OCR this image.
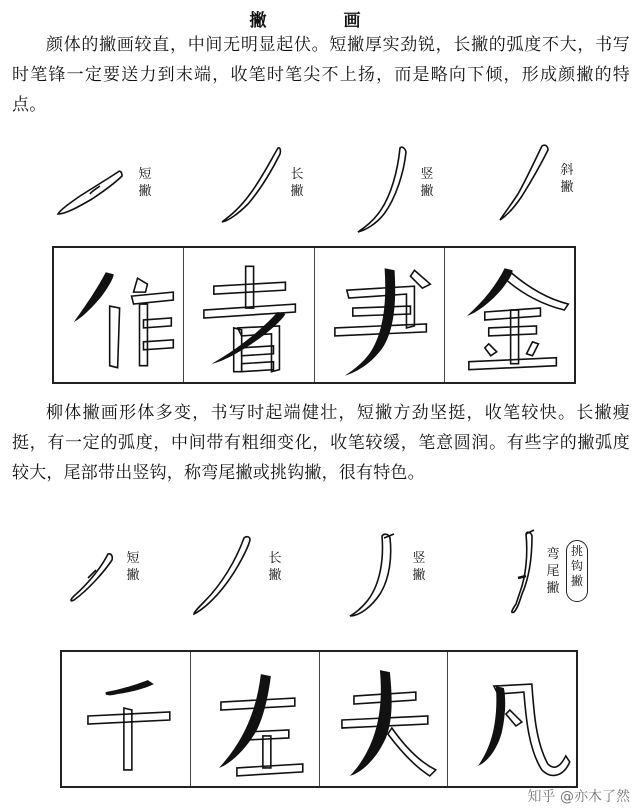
撇　画
颜体的撇画较直，中间无明显起伏。短撇厚实劲锐，长撇的弧度不大，书写时笔锋一定要送力到末端，收笔时笔尖不上扬，而是略向下倾，形成颜撇的特点。
短撇
长撇
竖撇
斜撇
柳体撇画形体多变，书写时起端健壮，短撇方劲坚挺，收笔较快。长撇瘦挺，有一定的弧度，中间带有粗细变化，收笔较缓，笔意圆润。有些字的撇弧度较大，尾部带出竖钩，称弯尾撇或挑钩撇，很有特色。
短撇
长撇
竖撇
弯尾撇
挑钩撇
知乎 @亦木了然
